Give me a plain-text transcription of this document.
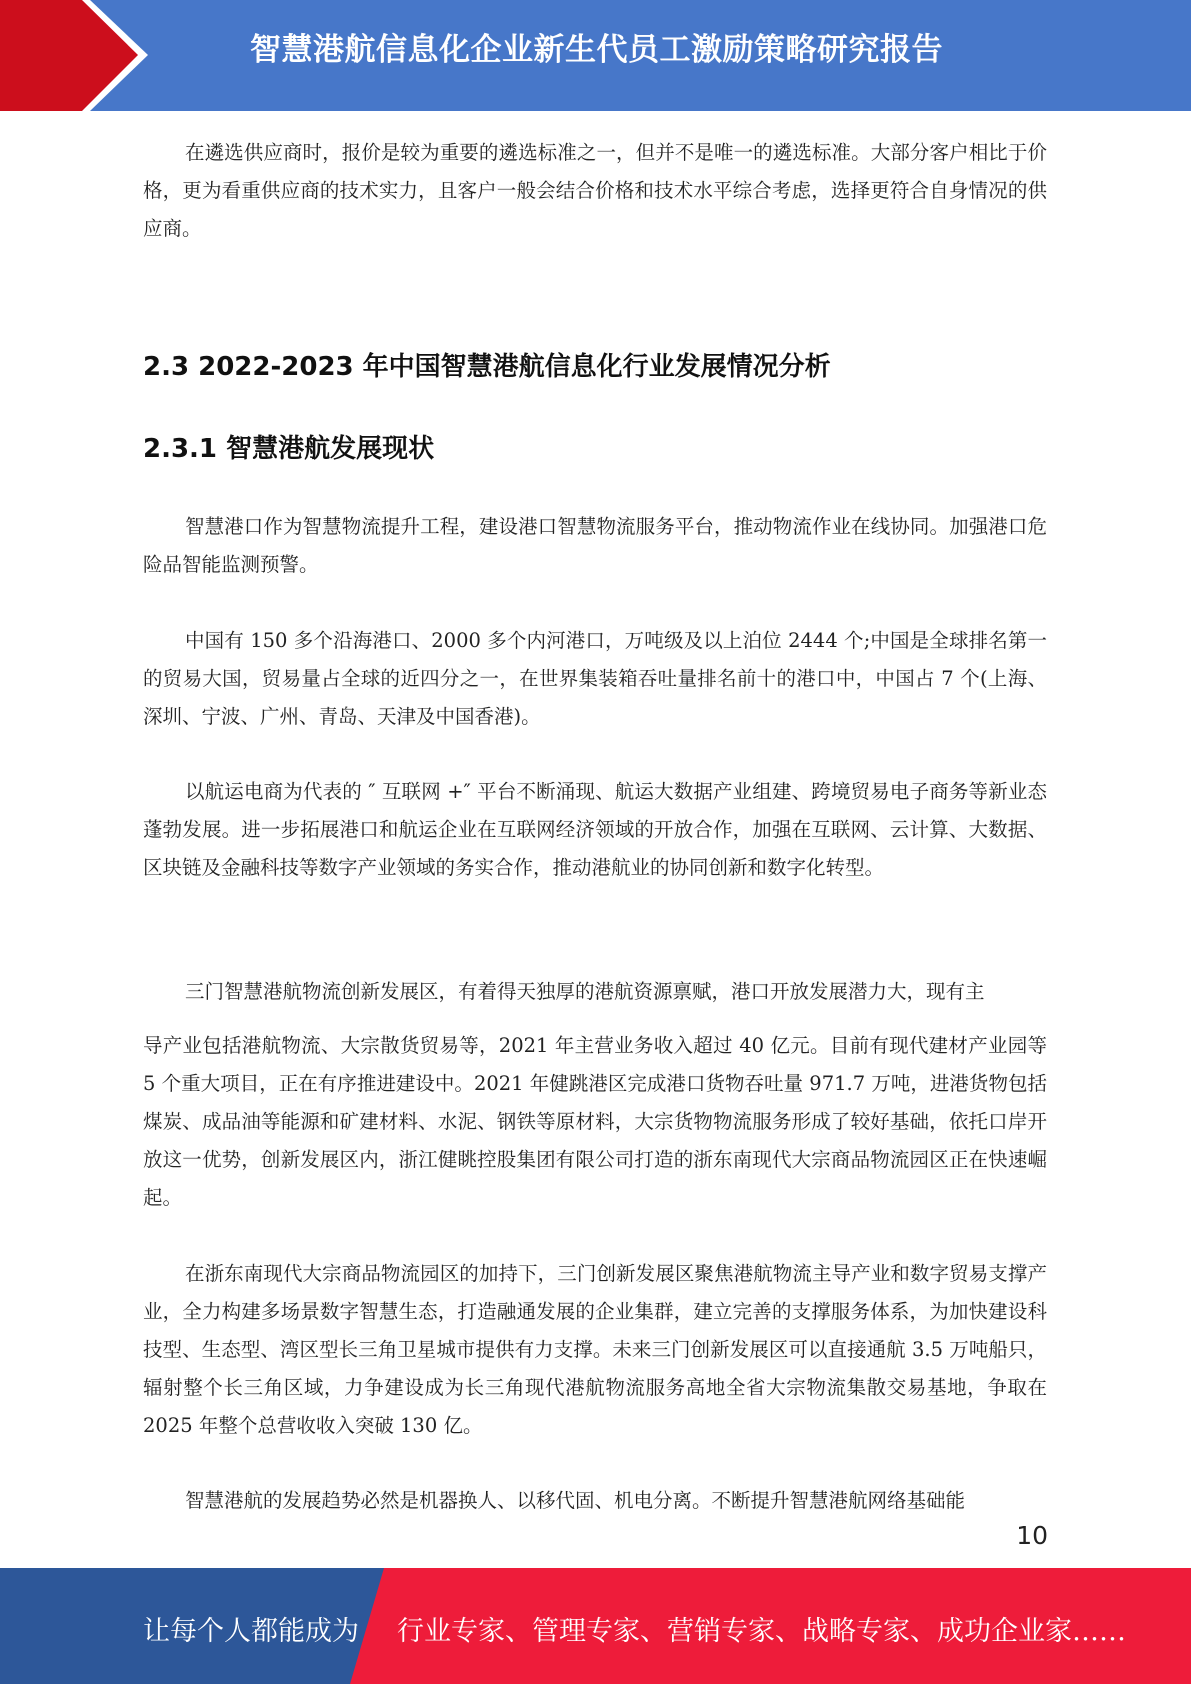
智慧港航信息化企业新生代员工激励策略研究报告

在遴选供应商时，报价是较为重要的遴选标准之一，但并不是唯一的遴选标准。大部分客户相比于价格，更为看重供应商的技术实力，且客户一般会结合价格和技术水平综合考虑，选择更符合自身情况的供应商。

2.3 2022-2023 年中国智慧港航信息化行业发展情况分析
2.3.1 智慧港航发展现状

智慧港口作为智慧物流提升工程，建设港口智慧物流服务平台，推动物流作业在线协同。加强港口危险品智能监测预警。

中国有 150 多个沿海港口、2000 多个内河港口，万吨级及以上泊位 2444 个;中国是全球排名第一的贸易大国，贸易量占全球的近四分之一，在世界集装箱吞吐量排名前十的港口中，中国占 7 个(上海、深圳、宁波、广州、青岛、天津及中国香港)。

以航运电商为代表的 ″ 互联网 +″ 平台不断涌现、航运大数据产业组建、跨境贸易电子商务等新业态蓬勃发展。进一步拓展港口和航运企业在互联网经济领域的开放合作，加强在互联网、云计算、大数据、区块链及金融科技等数字产业领域的务实合作，推动港航业的协同创新和数字化转型。

三门智慧港航物流创新发展区，有着得天独厚的港航资源禀赋，港口开放发展潜力大，现有主

导产业包括港航物流、大宗散货贸易等，2021 年主营业务收入超过 40 亿元。目前有现代建材产业园等 5 个重大项目，正在有序推进建设中。2021 年健跳港区完成港口货物吞吐量 971.7 万吨，进港货物包括煤炭、成品油等能源和矿建材料、水泥、钢铁等原材料，大宗货物物流服务形成了较好基础，依托口岸开放这一优势，创新发展区内，浙江健眺控股集团有限公司打造的浙东南现代大宗商品物流园区正在快速崛起。

在浙东南现代大宗商品物流园区的加持下，三门创新发展区聚焦港航物流主导产业和数字贸易支撑产业，全力构建多场景数字智慧生态，打造融通发展的企业集群，建立完善的支撑服务体系，为加快建设科技型、生态型、湾区型长三角卫星城市提供有力支撑。未来三门创新发展区可以直接通航 3.5 万吨船只，辐射整个长三角区域，力争建设成为长三角现代港航物流服务高地全省大宗物流集散交易基地，争取在 2025 年整个总营收收入突破 130 亿。

智慧港航的发展趋势必然是机器换人、以移代固、机电分离。不断提升智慧港航网络基础能

10
让每个人都能成为 行业专家、管理专家、营销专家、战略专家、成功企业家……
